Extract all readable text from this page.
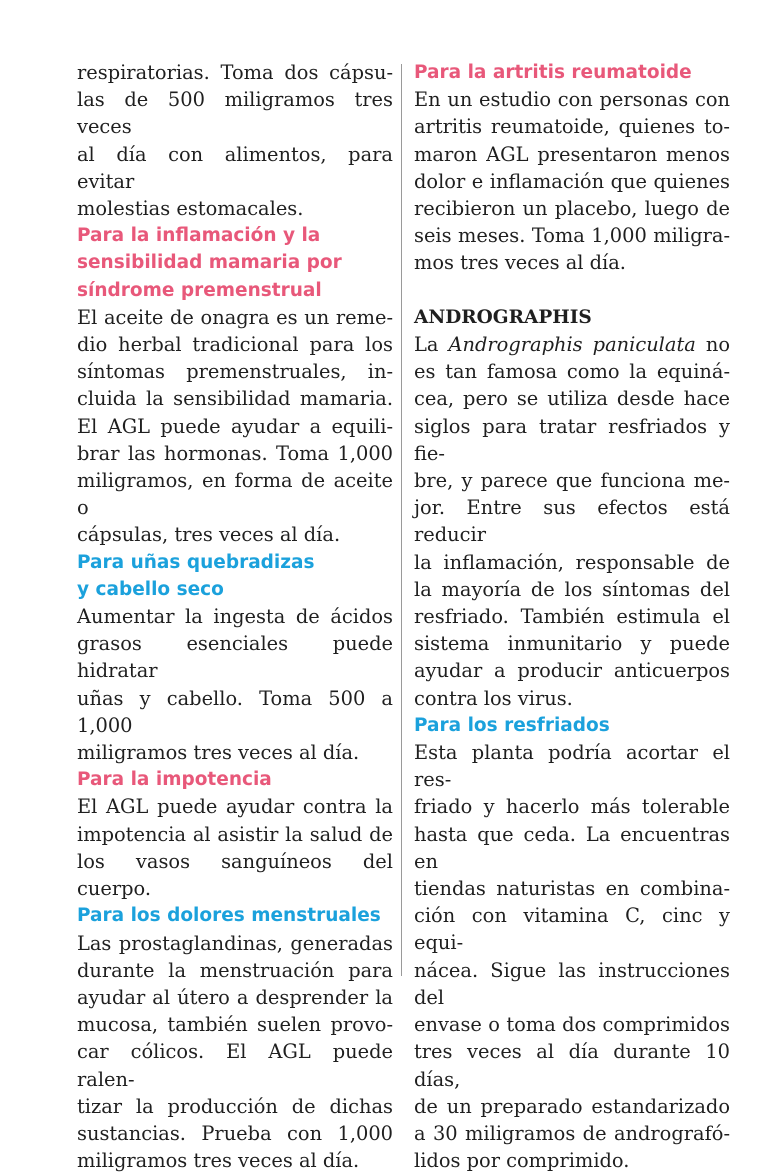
respiratorias. Toma dos cápsu-
las de 500 miligramos tres veces
al día con alimentos, para evitar
molestias estomacales.

Para la inflamación y la
sensibilidad mamaria por
síndrome premenstrual

El aceite de onagra es un reme-
dio herbal tradicional para los
síntomas premenstruales, in-
cluida la sensibilidad mamaria.
El AGL puede ayudar a equili-
brar las hormonas. Toma 1,000
miligramos, en forma de aceite o
cápsulas, tres veces al día.

Para uñas quebradizas
y cabello seco

Aumentar la ingesta de ácidos
grasos esenciales puede hidratar
uñas y cabello. Toma 500 a 1,000
miligramos tres veces al día.

Para la impotencia

El AGL puede ayudar contra la
impotencia al asistir la salud de
los vasos sanguíneos del cuerpo.

Para los dolores menstruales

Las prostaglandinas, generadas
durante la menstruación para
ayudar al útero a desprender la
mucosa, también suelen provo-
car cólicos. El AGL puede ralen-
tizar la producción de dichas
sustancias. Prueba con 1,000
miligramos tres veces al día.

Para la artritis reumatoide

En un estudio con personas con
artritis reumatoide, quienes to-
maron AGL presentaron menos
dolor e inflamación que quienes
recibieron un placebo, luego de
seis meses. Toma 1,000 miligra-
mos tres veces al día.

ANDROGRAPHIS

La Andrographis paniculata no
es tan famosa como la equiná-
cea, pero se utiliza desde hace
siglos para tratar resfriados y fie-
bre, y parece que funciona me-
jor. Entre sus efectos está reducir
la inflamación, responsable de
la mayoría de los síntomas del
resfriado. También estimula el
sistema inmunitario y puede
ayudar a producir anticuerpos
contra los virus.

Para los resfriados

Esta planta podría acortar el res-
friado y hacerlo más tolerable
hasta que ceda. La encuentras en
tiendas naturistas en combina-
ción con vitamina C, cinc y equi-
nácea. Sigue las instrucciones del
envase o toma dos comprimidos
tres veces al día durante 10 días,
de un preparado estandarizado
a 30 miligramos de andrografó-
lidos por comprimido.
